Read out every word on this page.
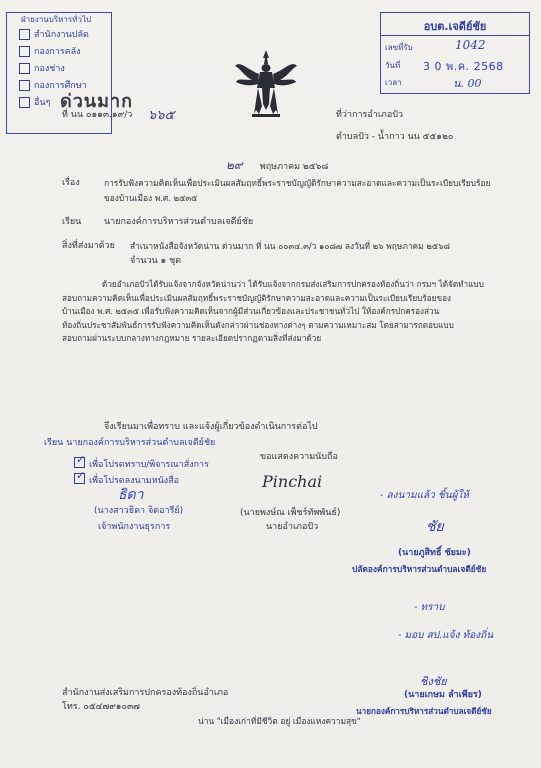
ฝ่ายงานบริหารทั่วไป
สำนักงานปลัด
กองการคลัง
กองช่าง
กองการศึกษา
อื่นๆ ด่วนมาก
อบต.เจดีย์ชัย
เลขที่รับ	1042
วันที่ 3 0 พ.ค. 2568
เวลา	น. 00
ที่ นน ๐๑๑๓.๑๙/ว ๖๖๕	ที่ว่าการอำเภอปัว
ตำบลปัว - น้ำกาว นน ๕๕๑๒๐
๒๙ พฤษภาคม ๒๕๖๘
เรื่อง	การรับฟังความคิดเห็นเพื่อประเมินผลสัมฤทธิ์พระราชบัญญัติรักษาความสะอาดและความเป็นระเบียบเรียบร้อย
ของบ้านเมือง พ.ศ. ๒๕๓๕
เรียน	นายกองค์การบริหารส่วนตำบลเจดีย์ชัย
สิ่งที่ส่งมาด้วย สำเนาหนังสือจังหวัดน่าน ด่วนมาก ที่ นน ๐๐๓๔.๓/ว ๑๐๘๗ ลงวันที่ ๒๖ พฤษภาคม ๒๕๖๘
จำนวน ๑ ชุด
ด้วยอำเภอปัวได้รับแจ้งจากจังหวัดน่านว่า ได้รับแจ้งจากกรมส่งเสริมการปกครองท้องถิ่นว่า กรมฯ ได้จัดทำแบบ
สอบถามความคิดเห็นเพื่อประเมินผลสัมฤทธิ์พระราชบัญญัติรักษาความสะอาดและความเป็นระเบียบเรียบร้อยของ
บ้านเมือง พ.ศ. ๒๕๓๕ เพื่อรับฟังความคิดเห็นจากผู้มีส่วนเกี่ยวข้องและประชาชนทั่วไป ให้องค์กรปกครองส่วน
ท้องถิ่นประชาสัมพันธ์การรับฟังความคิดเห็นดังกล่าวผ่านช่องทางต่างๆ ตามความเหมาะสม โดยสามารถตอบแบบ
สอบถามผ่านระบบกลางทางกฎหมาย รายละเอียดปรากฏตามสิ่งที่ส่งมาด้วย
จึงเรียนมาเพื่อทราบ และแจ้งผู้เกี่ยวข้องดำเนินการต่อไป
เรียน นายกองค์การบริหารส่วนตำบลเจดีย์ชัย
✓ เพื่อโปรดทราบ/พิจารณาสั่งการ
✓ เพื่อโปรดลงนามหนังสือ
ธิดา
(นางสาวธิดา จิตอารีย์)
เจ้าพนักงานธุรการ
ขอแสดงความนับถือ
Pinchai
(นายพงษ์ณ เพ็ชร์ทัพพันธ์)
นายอำเภอปัว
- ลงนามแล้ว ชิ้นผู้ให้
ชัย
(นายภูสิทธิ์ ชัยมะ)
ปลัดองค์การบริหารส่วนตำบลเจดีย์ชัย
- ทราบ
- มอบ สป.แจ้ง ท้องถิ่น
ชิงชัย
(นายเกษม ลำเพียร)
นายกองค์การบริหารส่วนตำบลเจดีย์ชัย
สำนักงานส่งเสริมการปกครองท้องถิ่นอำเภอ
โทร. ๐๕๔๗๙๑๐๓๗
น่าน "เมืองเก่าที่มีชีวิต อยู่ เมืองแหงความสุข"
